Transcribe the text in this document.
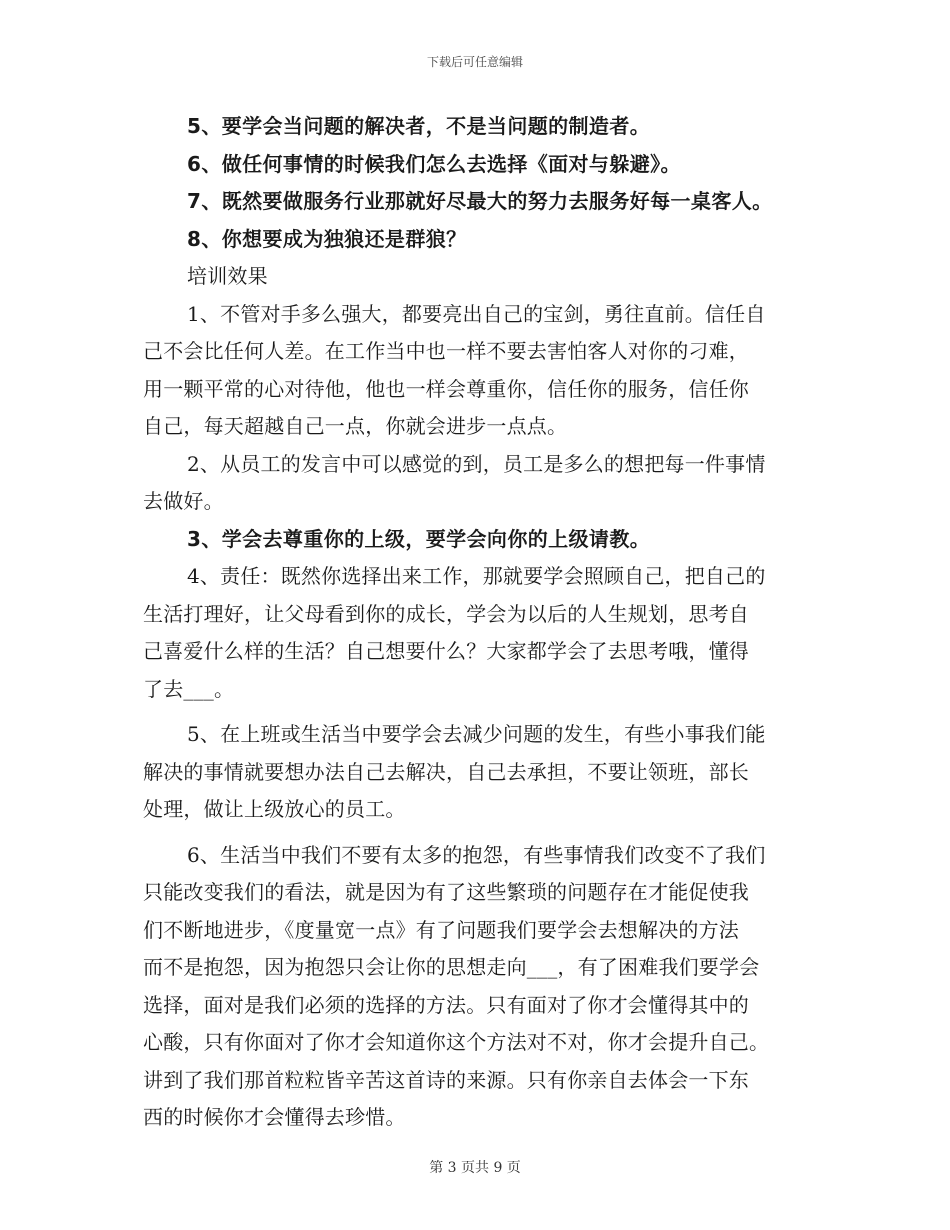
下载后可任意编辑
5、要学会当问题的解决者，不是当问题的制造者。
6、做任何事情的时候我们怎么去选择《面对与躲避》。
7、既然要做服务行业那就好尽最大的努力去服务好每一桌客人。
8、你想要成为独狼还是群狼？
培训效果
1、不管对手多么强大，都要亮出自己的宝剑，勇往直前。信任自
己不会比任何人差。在工作当中也一样不要去害怕客人对你的刁难，
用一颗平常的心对待他，他也一样会尊重你，信任你的服务，信任你
自己，每天超越自己一点，你就会进步一点点。
2、从员工的发言中可以感觉的到，员工是多么的想把每一件事情
去做好。
3、学会去尊重你的上级，要学会向你的上级请教。
4、责任：既然你选择出来工作，那就要学会照顾自己，把自己的
生活打理好，让父母看到你的成长，学会为以后的人生规划，思考自
己喜爱什么样的生活？自己想要什么？大家都学会了去思考哦，懂得
了去___。
5、在上班或生活当中要学会去减少问题的发生，有些小事我们能
解决的事情就要想办法自己去解决，自己去承担，不要让领班，部长
处理，做让上级放心的员工。
6、生活当中我们不要有太多的抱怨，有些事情我们改变不了我们
只能改变我们的看法，就是因为有了这些繁琐的问题存在才能促使我
们不断地进步，《度量宽一点》有了问题我们要学会去想解决的方法
而不是抱怨，因为抱怨只会让你的思想走向___，有了困难我们要学会
选择，面对是我们必须的选择的方法。只有面对了你才会懂得其中的
心酸，只有你面对了你才会知道你这个方法对不对，你才会提升自己。
讲到了我们那首粒粒皆辛苦这首诗的来源。只有你亲自去体会一下东
西的时候你才会懂得去珍惜。
第 3 页共 9 页
